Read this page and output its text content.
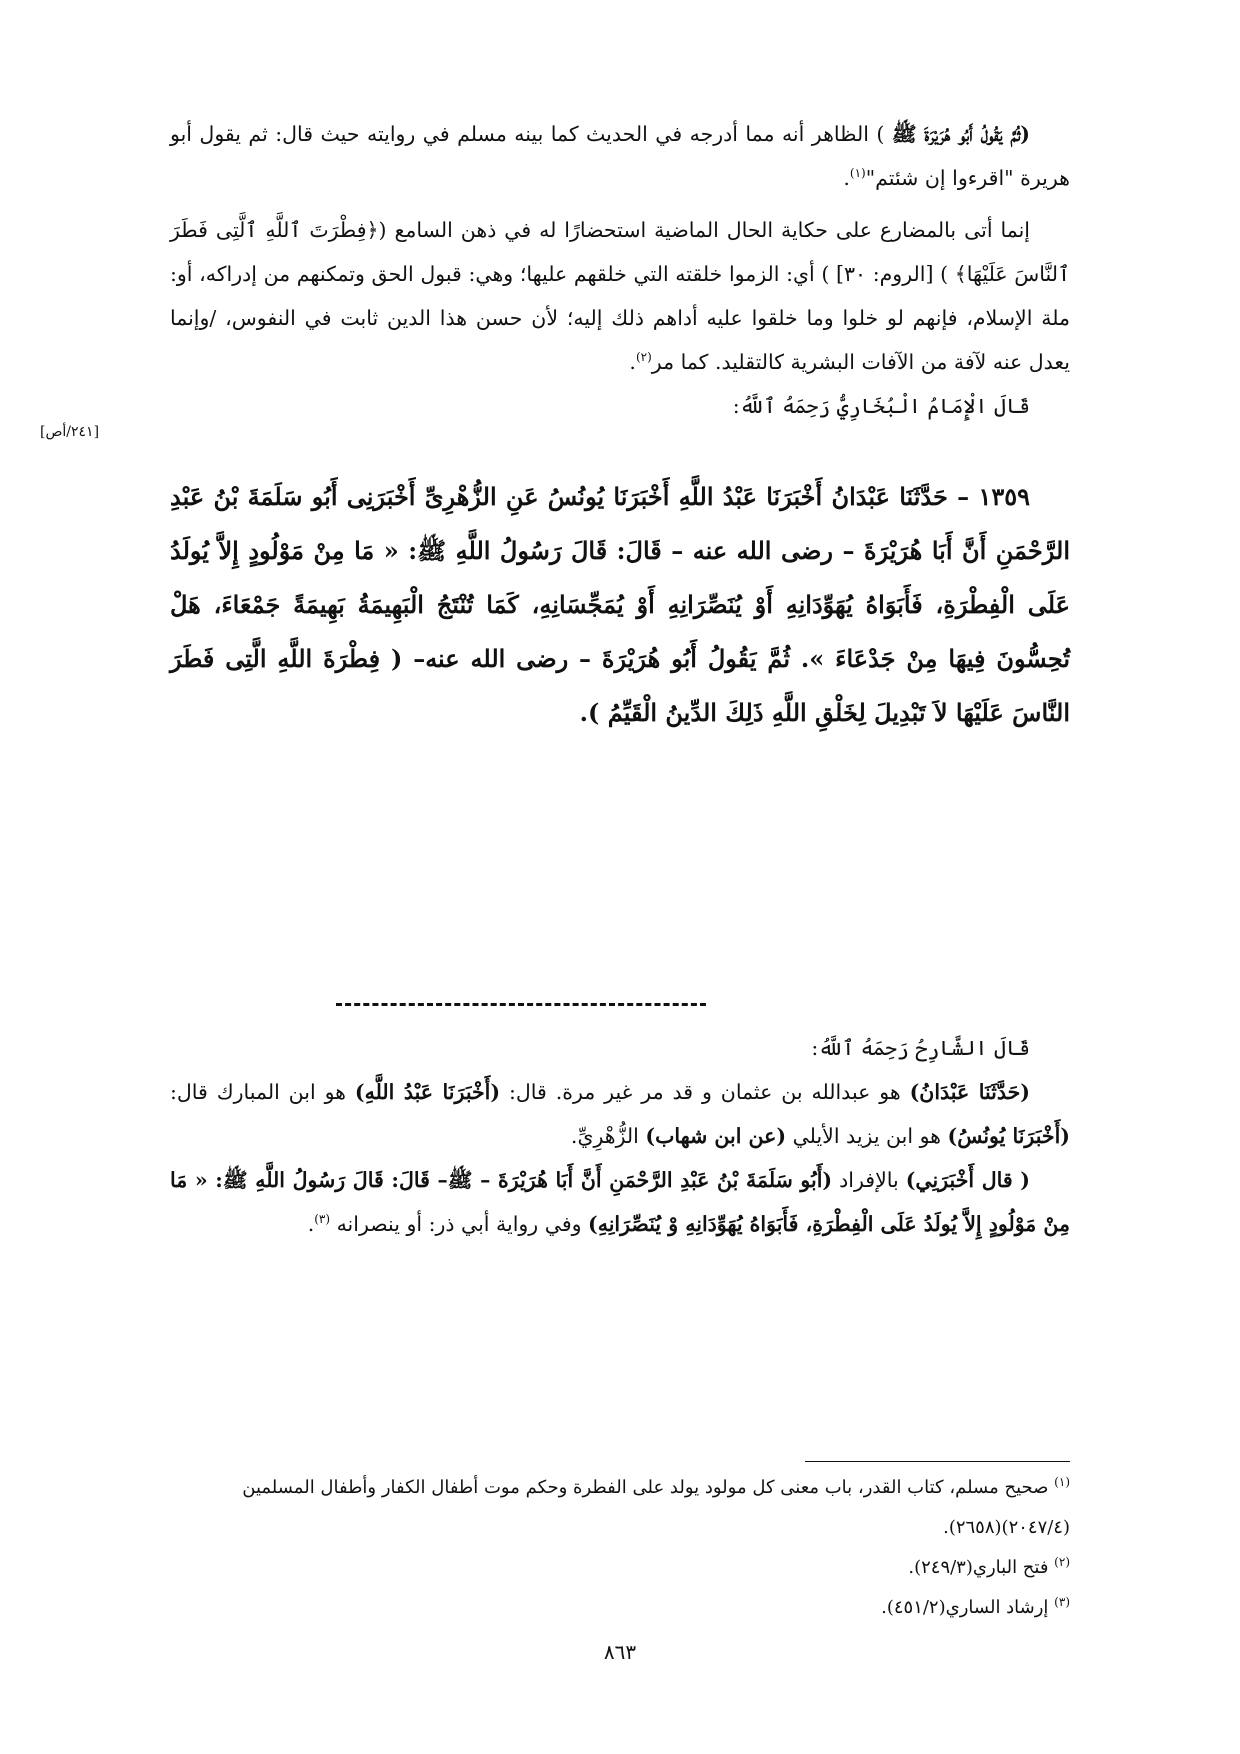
(ثُمَّ يَقُولُ أَبُو هُرَيْرَةَ ﷺ ) الظاهر أنه مما أدرجه في الحديث كما بينه مسلم في روايته حيث قال: ثم يقول أبو هريرة "اقرءوا إن شئتم"$^{(١)}$.

إنما أتى بالمضارع على حكاية الحال الماضية استحضارًا له في ذهن السامع (﴿فِطْرَتَ ٱللَّهِ ٱلَّتِى فَطَرَ ٱلنَّاسَ عَلَيْهَا﴾ ) [الروم: ٣٠] ) أي: الزموا خلقته التي خلقهم عليها؛ وهي: قبول الحق وتمكنهم من إدراكه، أو: ملة الإسلام، فإنهم لو خلوا وما خلقوا عليه أداهم ذلك إليه؛ لأن حسن هذا الدين ثابت في النفوس، /وإنما يعدل عنه لآفة من الآفات البشرية كالتقليد. كما مر$^{(٢)}$.

قَالَ الْإِمَامُ الْبُخَارِيُّ رَحِمَهُ ٱللَّهُ:

[٢٤١/أص]

١٣٥٩ – حَدَّثَنَا عَبْدَانُ أَخْبَرَنَا عَبْدُ اللَّهِ أَخْبَرَنَا يُونُسُ عَنِ الزُّهْرِىِّ أَخْبَرَنِى أَبُو سَلَمَةَ بْنُ عَبْدِ الرَّحْمَنِ أَنَّ أَبَا هُرَيْرَةَ – رضى الله عنه – قَالَ: قَالَ رَسُولُ اللَّهِ ﷺ: « مَا مِنْ مَوْلُودٍ إِلاَّ يُولَدُ عَلَى الْفِطْرَةِ، فَأَبَوَاهُ يُهَوِّدَانِهِ أَوْ يُنَصِّرَانِهِ أَوْ يُمَجِّسَانِهِ، كَمَا تُنْتَجُ الْبَهِيمَةُ بَهِيمَةً جَمْعَاءَ، هَلْ تُحِسُّونَ فِيهَا مِنْ جَدْعَاءَ ». ثُمَّ يَقُولُ أَبُو هُرَيْرَةَ – رضى الله عنه– ( فِطْرَةَ اللَّهِ الَّتِى فَطَرَ النَّاسَ عَلَيْهَا لاَ تَبْدِيلَ لِخَلْقِ اللَّهِ ذَلِكَ الدِّينُ الْقَيِّمُ ).

قَالَ الشَّارِحُ رَحِمَهُ ٱللَّهُ:

(حَدَّثَنَا عَبْدَانُ) هو عبدالله بن عثمان و قد مر غير مرة. قال: (أَخْبَرَنَا عَبْدُ اللَّهِ) هو ابن المبارك قال: (أَخْبَرَنَا يُونُسُ) هو ابن يزيد الأيلي (عن ابن شهاب) الزُّهْرِيِّ.

( قال أَخْبَرَنِي) بالإفراد (أَبُو سَلَمَةَ بْنُ عَبْدِ الرَّحْمَنِ أَنَّ أَبَا هُرَيْرَةَ – ﷺ– قَالَ: قَالَ رَسُولُ اللَّهِ ﷺ: « مَا مِنْ مَوْلُودٍ إِلاَّ يُولَدُ عَلَى الْفِطْرَةِ، فَأَبَوَاهُ يُهَوِّدَانِهِ وْ يُنَصِّرَانِهِ) وفي رواية أبي ذر: أو ينصرانه $^{(٣)}$.

$^{(١)}$ صحيح مسلم، كتاب القدر، باب معنى كل مولود يولد على الفطرة وحكم موت أطفال الكفار وأطفال المسلمين (٢٠٤٧/٤)(٢٦٥٨).

$^{(٢)}$ فتح الباري(٢٤٩/٣).

$^{(٣)}$ إرشاد الساري(٤٥١/٢).

٨٦٣
